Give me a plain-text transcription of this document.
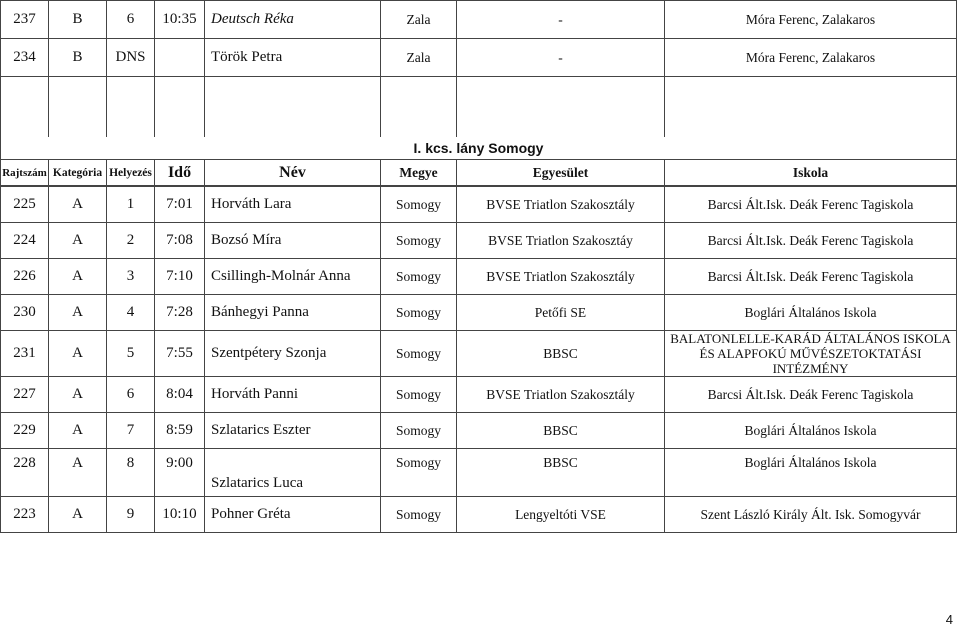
237	B	6	10:35	Deutsch Réka	Zala	-	Móra Ferenc, Zalakaros
234	B	DNS		Török Petra	Zala	-	Móra Ferenc, Zalakaros

I. kcs. lány Somogy							
Rajtszám	Kategória	Helyezés	Idő	Név	Megye	Egyesület	Iskola
225	A	1	7:01	Horváth Lara	Somogy	BVSE Triatlon Szakosztály	Barcsi Ált.Isk. Deák Ferenc Tagiskola
224	A	2	7:08	Bozsó Míra	Somogy	BVSE Triatlon Szakosztáy	Barcsi Ált.Isk. Deák Ferenc Tagiskola
226	A	3	7:10	Csillingh-Molnár Anna	Somogy	BVSE Triatlon Szakosztály	Barcsi Ált.Isk. Deák Ferenc Tagiskola
230	A	4	7:28	Bánhegyi Panna	Somogy	Petőfi SE	Boglári Általános Iskola
231	A	5	7:55	Szentpétery Szonja	Somogy	BBSC	BALATONLELLE-KARÁD ÁLTALÁNOS ISKOLA ÉS ALAPFOKÚ MŰVÉSZETOKTATÁSI INTÉZMÉNY
227	A	6	8:04	Horváth Panni	Somogy	BVSE Triatlon Szakosztály	Barcsi Ált.Isk. Deák Ferenc Tagiskola
229	A	7	8:59	Szlatarics Eszter	Somogy	BBSC	Boglári Általános Iskola
228	A	8	9:00	Szlatarics Luca	Somogy	BBSC	Boglári Általános Iskola
223	A	9	10:10	Pohner Gréta	Somogy	Lengyeltóti VSE	Szent László Király Ált. Isk. Somogyvár
4
